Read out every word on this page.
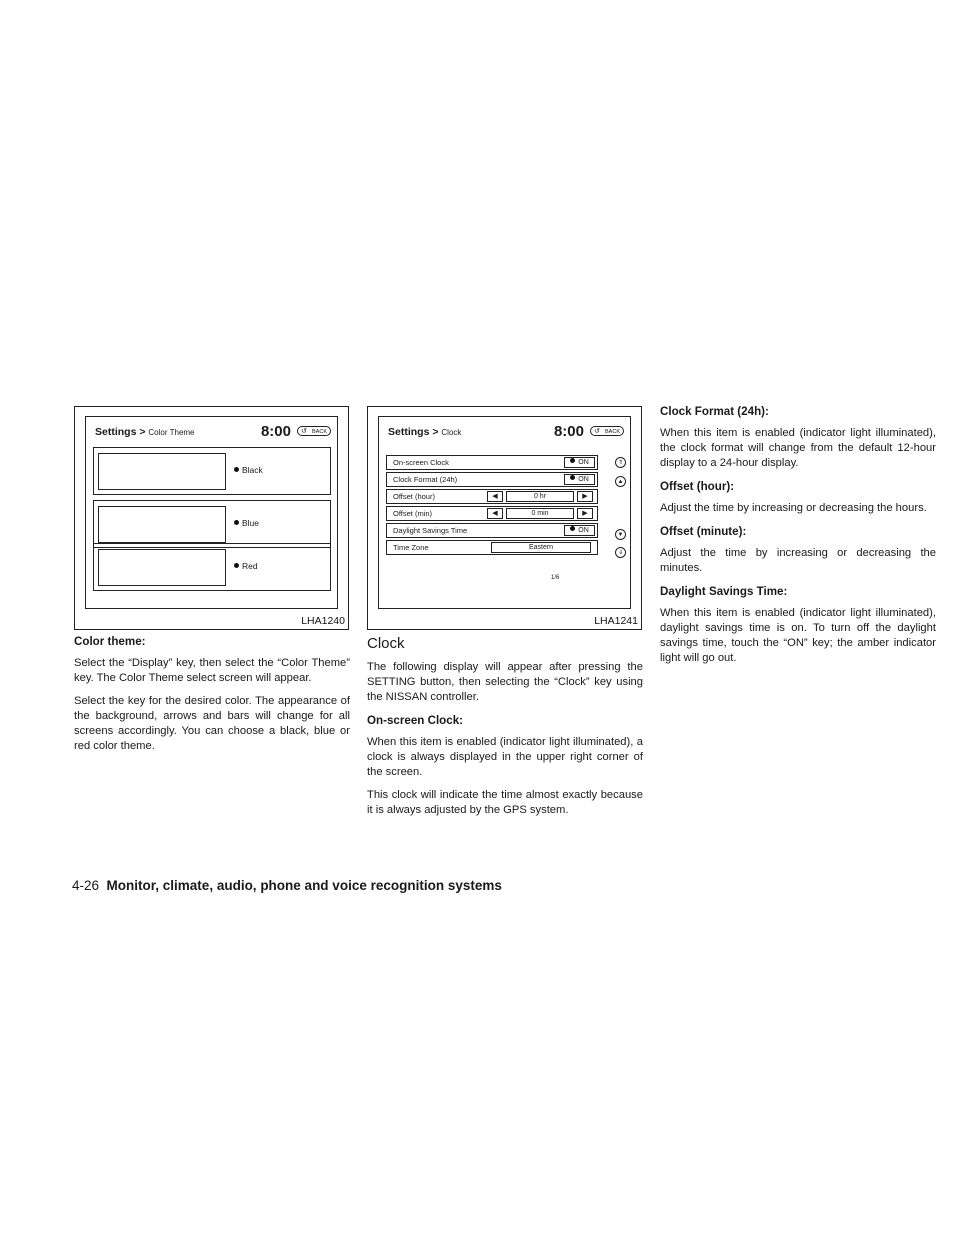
Settings > Color Theme	8:00 ↺ BACK
Black
Blue
Red
LHA1240
Settings > Clock	8:00 ↺ BACK
On-screen Clock	ON
Clock Format (24h)	ON
Offset (hour)	◀	0 hr	▶
Offset (min)	◀	0 min	▶
Daylight Savings Time	ON
Time Zone	Eastern
1/6
⇑
▲
▼
⇓
LHA1241
Color theme:

Select the “Display” key, then select the “Color Theme” key. The Color Theme select screen will appear.

Select the key for the desired color. The appearance of the background, arrows and bars will change for all screens accordingly. You can choose a black, blue or red color theme.

Clock

The following display will appear after pressing the SETTING button, then selecting the “Clock” key using the NISSAN controller.

On-screen Clock:

When this item is enabled (indicator light illuminated), a clock is always displayed in the upper right corner of the screen.

This clock will indicate the time almost exactly because it is always adjusted by the GPS system.

Clock Format (24h):

When this item is enabled (indicator light illuminated), the clock format will change from the default 12-hour display to a 24-hour display.

Offset (hour):

Adjust the time by increasing or decreasing the hours.

Offset (minute):

Adjust the time by increasing or decreasing the minutes.

Daylight Savings Time:

When this item is enabled (indicator light illuminated), daylight savings time is on. To turn off the daylight savings time, touch the “ON” key; the amber indicator light will go out.

4-26 Monitor, climate, audio, phone and voice recognition systems
